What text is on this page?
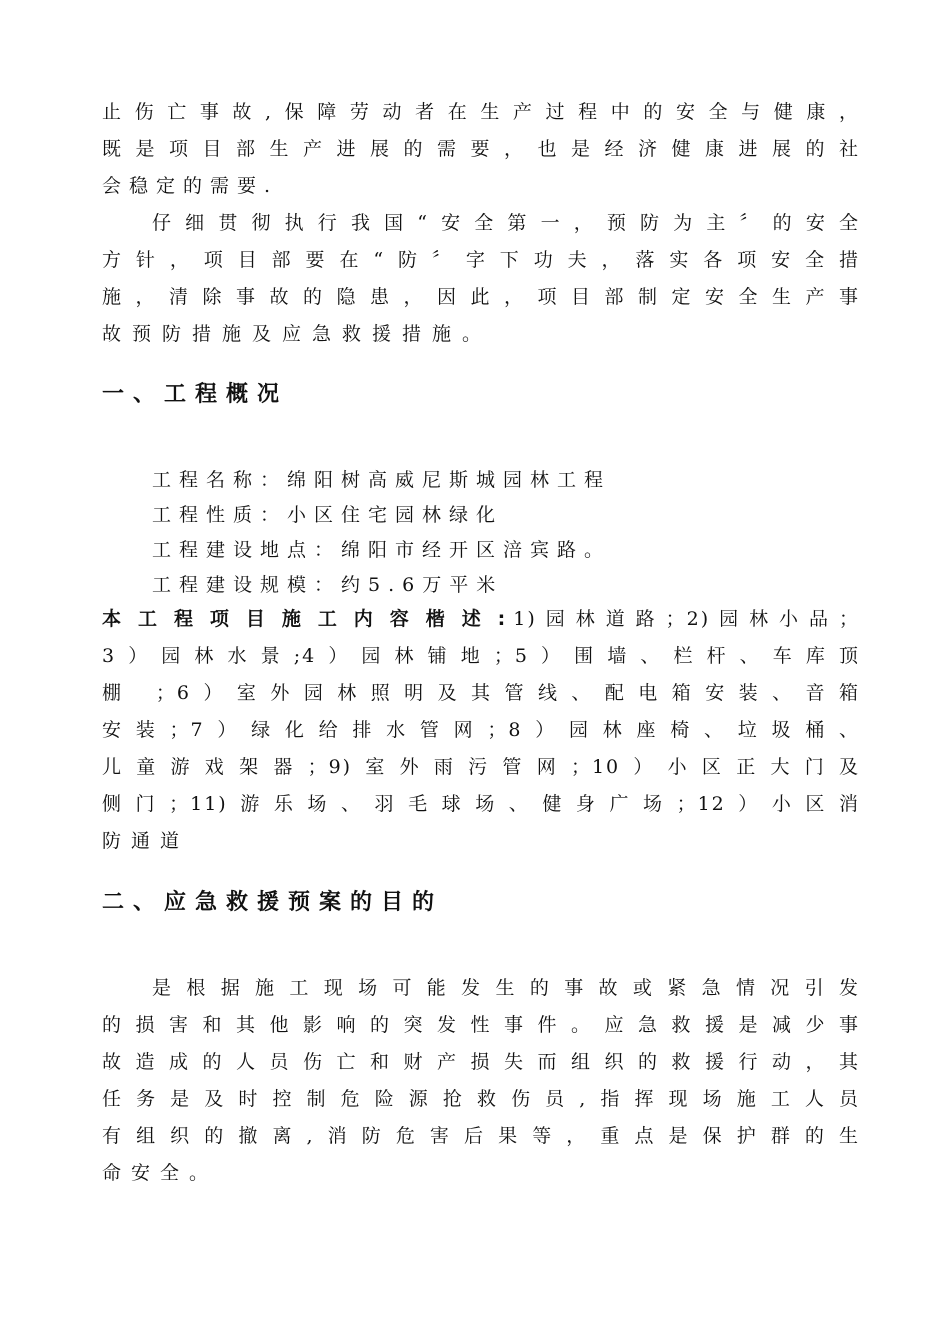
止伤亡事故,保障劳动者在生产过程中的安全与健康，
既是项目部生产进展的需要，也是经济健康进展的社
会稳定的需要.
仔细贯彻执行我国“安全第一，预防为主〞的安全
方针，项目部要在“防〞字下功夫，落实各项安全措
施，清除事故的隐患，因此，项目部制定安全生产事
故预防措施及应急救援措施。
一、工程概况
工程名称：绵阳树高威尼斯城园林工程
工程性质：小区住宅园林绿化
工程建设地点：绵阳市经开区涪宾路。
工程建设规模：约5.6万平米
本工程项目施工内容楷述:1)园林道路；2)园林小品；
3）园林水景;4）园林铺地；5）围墙、栏杆、车库顶
棚 ；6）室外园林照明及其管线、配电箱安装、音箱
安装；7）绿化给排水管网；8）园林座椅、垃圾桶、
儿童游戏架器；9)室外雨污管网；10）小区正大门及
侧门；11)游乐场、羽毛球场、健身广场；12）小区消
防通道
二、应急救援预案的目的
是根据施工现场可能发生的事故或紧急情况引发
的损害和其他影响的突发性事件。应急救援是减少事
故造成的人员伤亡和财产损失而组织的救援行动，其
任务是及时控制危险源抢救伤员,指挥现场施工人员
有组织的撤离,消防危害后果等，重点是保护群的生
命安全。
